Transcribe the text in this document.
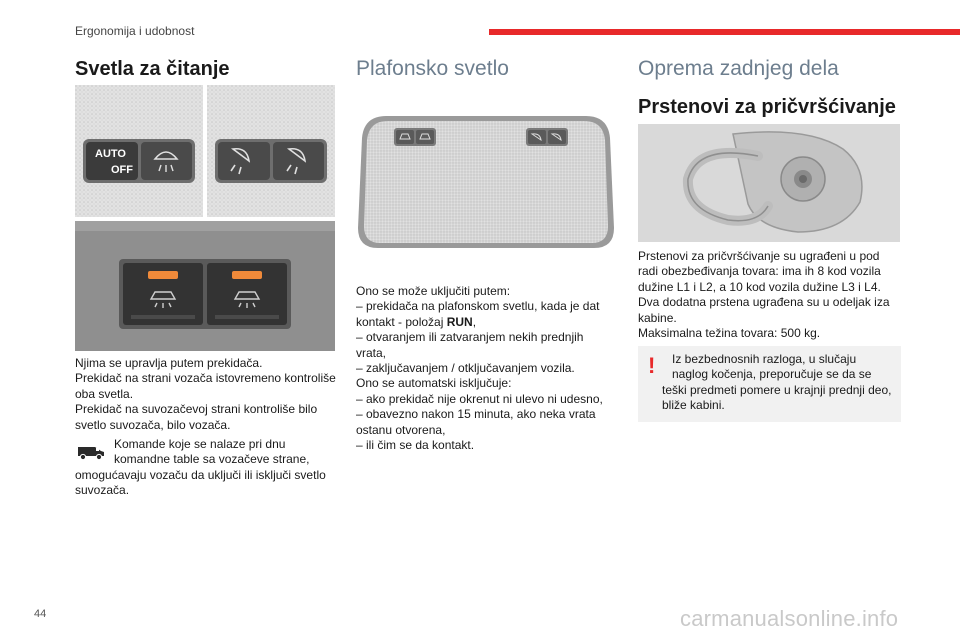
Ergonomija i udobnost
Svetla za čitanje
AUTO
OFF

Njima se upravlja putem prekidača.

Prekidač na strani vozača istovremeno kontroliše

oba svetla.

Prekidač na suvozačevoj strani kontroliše bilo

svetlo suvozača, bilo vozača.

Komande koje se nalaze pri dnu

komandne table sa vozačeve strane,

omogućavaju vozaču da uključi ili isključi svetlo

suvozača.

Plafonsko svetlo

Ono se može uključiti putem:

– prekidača na plafonskom svetlu, kada je dat

kontakt - položaj RUN,

– otvaranjem ili zatvaranjem nekih prednjih

vrata,

– zaključavanjem / otključavanjem vozila.

Ono se automatski isključuje:

– ako prekidač nije okrenut ni ulevo ni udesno,

– obavezno nakon 15 minuta, ako neka vrata

ostanu otvorena,

– ili čim se da kontakt.

Oprema zadnjeg dela
Prstenovi za pričvršćivanje

Prstenovi za pričvršćivanje su ugrađeni u pod

radi obezbeđivanja tovara: ima ih 8 kod vozila

dužine L1 i L2, a 10 kod vozila dužine L3 i L4.

Dva dodatna prstena ugrađena su u odeljak iza

kabine.

Maksimalna težina tovara: 500 kg.

! Iz bezbednosnih razloga, u slučaju

naglog kočenja, preporučuje se da se

teški predmeti pomere u krajnji prednji deo,

bliže kabini.

44	carmanualsonline.info
